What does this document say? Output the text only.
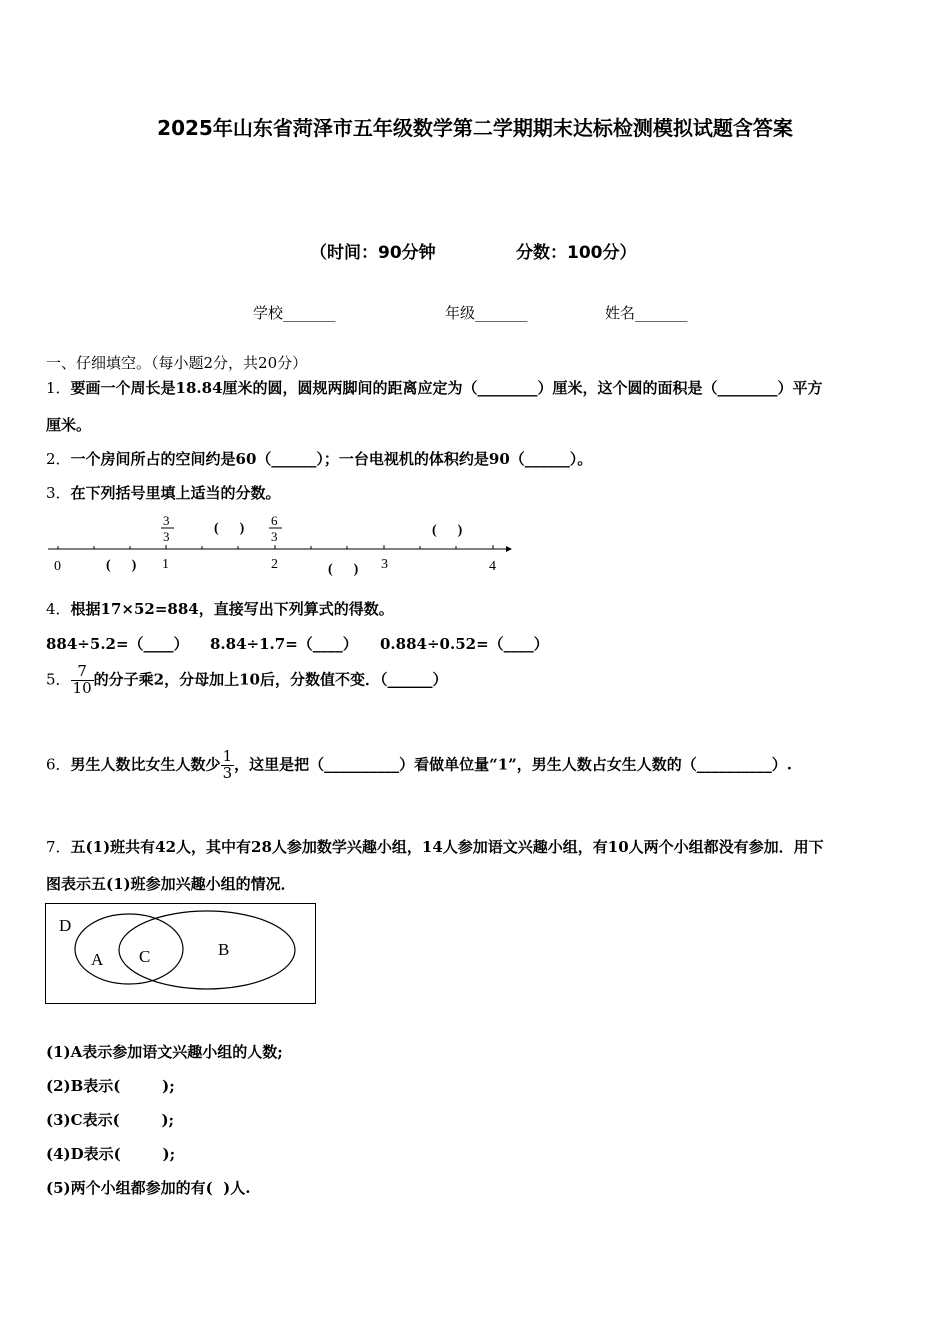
2025年山东省菏泽市五年级数学第二学期期末达标检测模拟试题含答案
（时间：90分钟	分数：100分）
学校_______	年级_______	姓名_______
一、仔细填空。（每小题2分，共20分）
1．要画一个周长是18.84厘米的圆，圆规两脚间的距离应定为（________）厘米，这个圆的面积是（________）平方
厘米。
2．一个房间所占的空间约是60（______）；一台电视机的体积约是90（______）。
3．在下列括号里填上适当的分数。
0	1	2	3	4
3
3
6
3
(      )	(      )
(      )	(      )
4．根据17×52=884，直接写出下列算式的得数。
884÷5.2=（____） 8.84÷1.7=（____） 0.884÷0.52=（____）
5． $\frac{7}{10}$ 的分子乘2，分母加上10后，分数值不变．（______）
6．男生人数比女生人数少 $\frac{1}{3}$ ，这里是把（__________）看做单位量“1”，男生人数占女生人数的（__________）.
7．五(1)班共有42人，其中有28人参加数学兴趣小组，14人参加语文兴趣小组，有10人两个小组都没有参加．用下
图表示五(1)班参加兴趣小组的情况．
D
A C	B
(1)A表示参加语文兴趣小组的人数;
(2)B表示(        );
(3)C表示(        );
(4)D表示(        );
(5)两个小组都参加的有(  )人.
